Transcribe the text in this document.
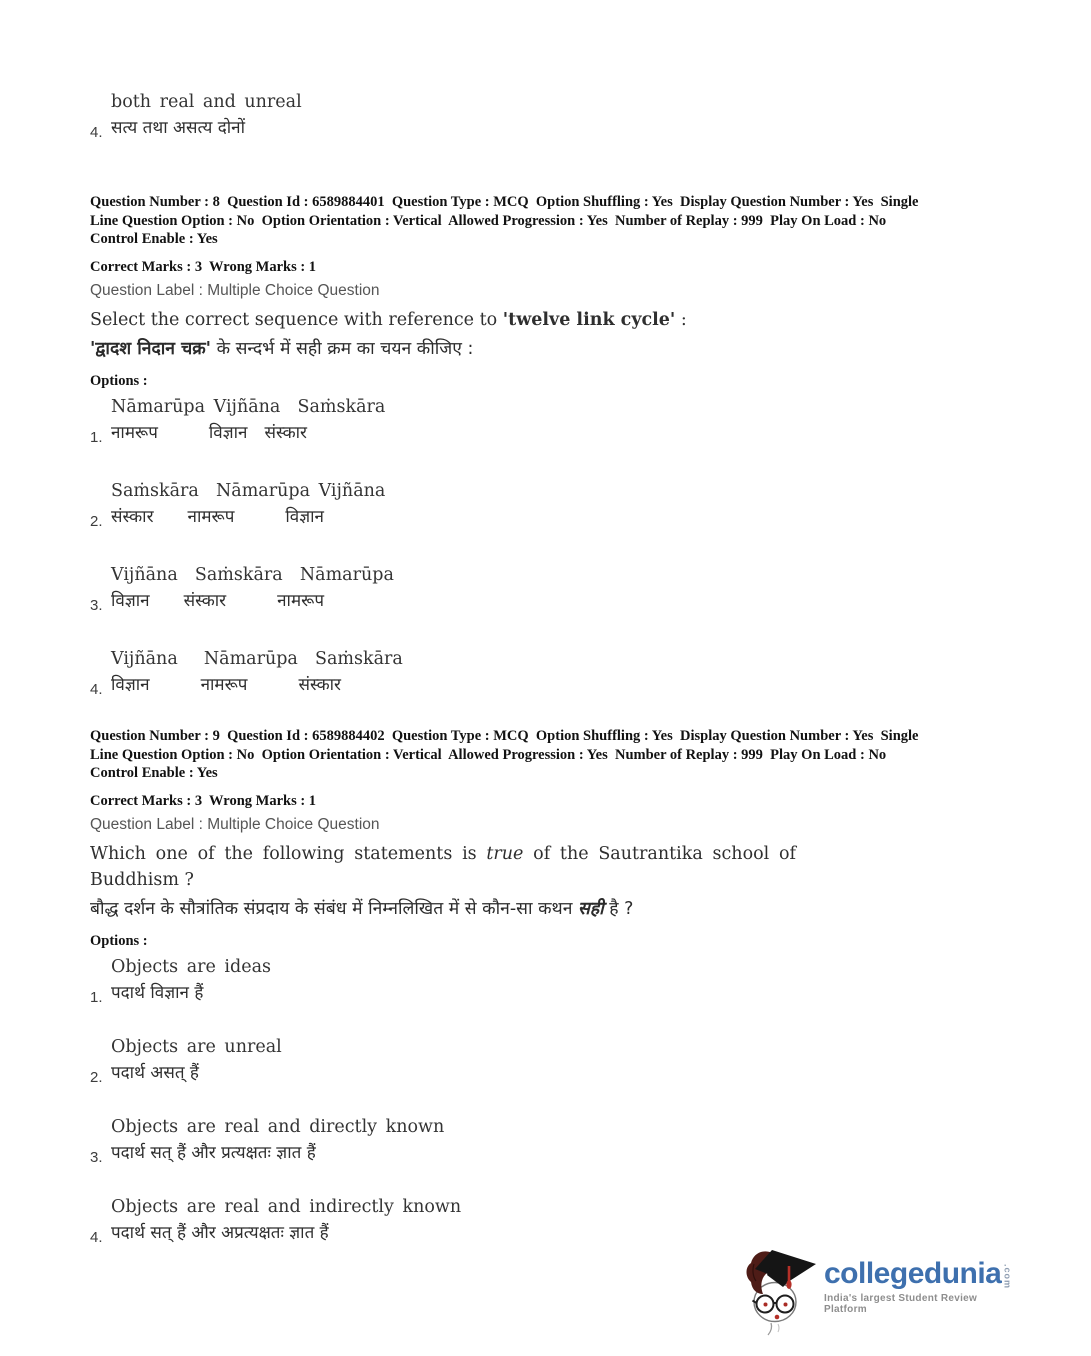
4.
both real and unreal
सत्य तथा असत्य दोनों

Question Number : 8  Question Id : 6589884401  Question Type : MCQ  Option Shuffling : Yes  Display Question Number : Yes  Single Line Question Option : No  Option Orientation : Vertical  Allowed Progression : Yes  Number of Replay : 999  Play On Load : No  Control Enable : Yes

Correct Marks : 3  Wrong Marks : 1

Question Label : Multiple Choice Question

Select the correct sequence with reference to 'twelve link cycle' :

'द्वादश निदान चक्र' के सन्दर्भ में सही क्रम का चयन कीजिए :

Options :

1.
Nāmarūpa Vijñāna  Saṁskāra
नामरूप   विज्ञान संस्कार
2.
Saṁskāra  Nāmarūpa Vijñāna
संस्कार  नामरूप   विज्ञान
3.
Vijñāna  Saṁskāra  Nāmarūpa
विज्ञान  संस्कार   नामरूप
4.
Vijñāna  Nāmarūpa  Saṁskāra
विज्ञान   नामरूप   संस्कार

Question Number : 9  Question Id : 6589884402  Question Type : MCQ  Option Shuffling : Yes  Display Question Number : Yes  Single Line Question Option : No  Option Orientation : Vertical  Allowed Progression : Yes  Number of Replay : 999  Play On Load : No  Control Enable : Yes

Correct Marks : 3  Wrong Marks : 1

Question Label : Multiple Choice Question

Which one of the following statements is true of the Sautrantika school of Buddhism ?

बौद्ध दर्शन के सौत्रांतिक संप्रदाय के संबंध में निम्नलिखित में से कौन-सा कथन सही है ?

Options :

1.
Objects are ideas
पदार्थ विज्ञान हैं
2.
Objects are unreal
पदार्थ असत् हैं
3.
Objects are real and directly known
पदार्थ सत् हैं और प्रत्यक्षतः ज्ञात हैं
4.
Objects are real and indirectly known
पदार्थ सत् हैं और अप्रत्यक्षतः ज्ञात हैं
collegedunia .com
India's largest Student Review Platform
